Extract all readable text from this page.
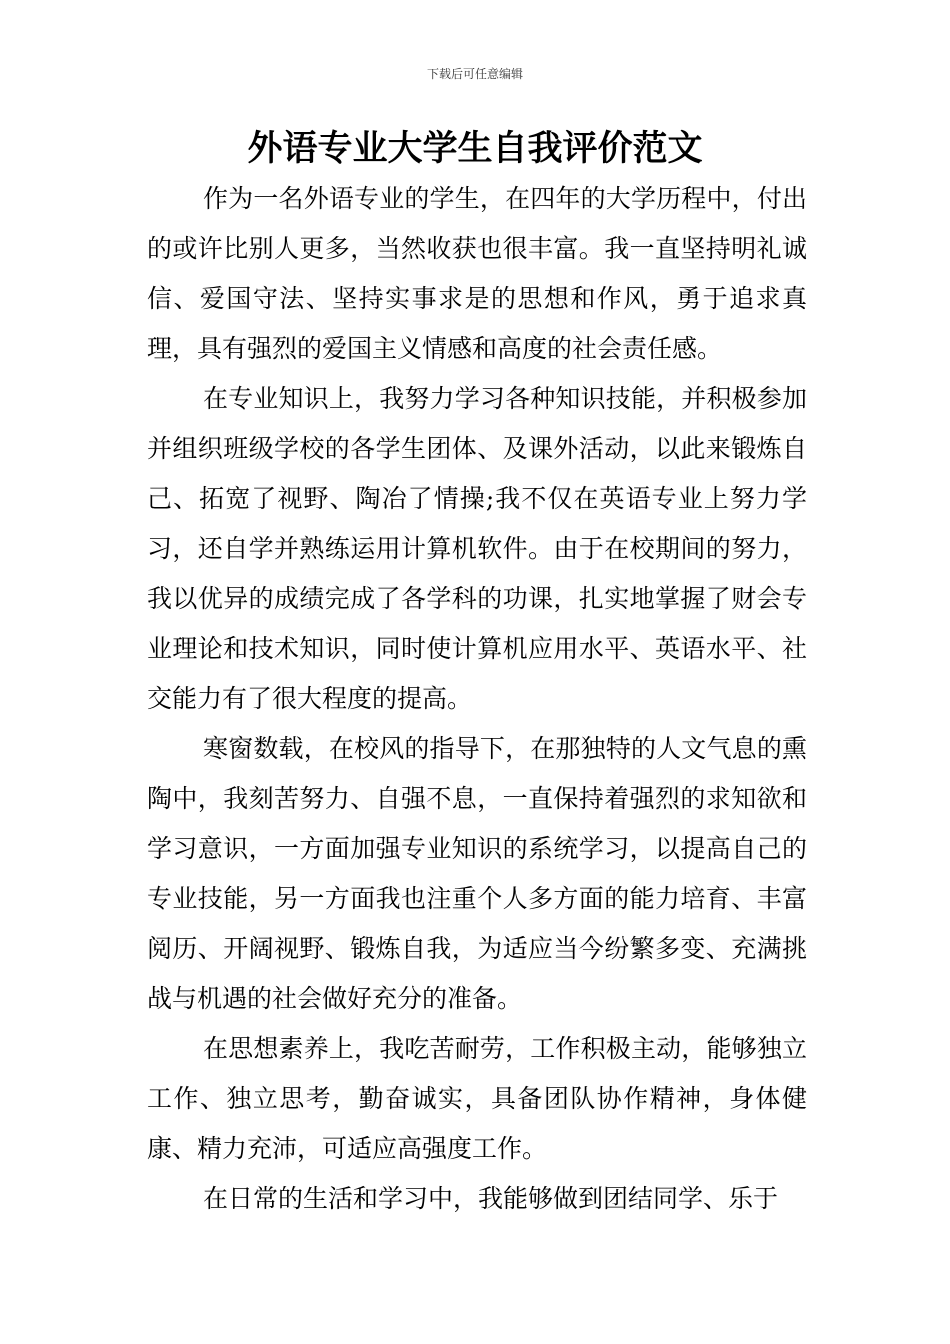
下载后可任意编辑
外语专业大学生自我评价范文

作为一名外语专业的学生，在四年的大学历程中，付出的或许比别人更多，当然收获也很丰富。我一直坚持明礼诚信、爱国守法、坚持实事求是的思想和作风，勇于追求真理，具有强烈的爱国主义情感和高度的社会责任感。

在专业知识上，我努力学习各种知识技能，并积极参加并组织班级学校的各学生团体、及课外活动，以此来锻炼自己、拓宽了视野、陶冶了情操;我不仅在英语专业上努力学习，还自学并熟练运用计算机软件。由于在校期间的努力，我以优异的成绩完成了各学科的功课，扎实地掌握了财会专业理论和技术知识，同时使计算机应用水平、英语水平、社交能力有了很大程度的提高。

寒窗数载，在校风的指导下，在那独特的人文气息的熏陶中，我刻苦努力、自强不息，一直保持着强烈的求知欲和学习意识，一方面加强专业知识的系统学习，以提高自己的专业技能，另一方面我也注重个人多方面的能力培育、丰富阅历、开阔视野、锻炼自我，为适应当今纷繁多变、充满挑战与机遇的社会做好充分的准备。

在思想素养上，我吃苦耐劳，工作积极主动，能够独立工作、独立思考，勤奋诚实，具备团队协作精神，身体健康、精力充沛，可适应高强度工作。

在日常的生活和学习中，我能够做到团结同学、乐于
